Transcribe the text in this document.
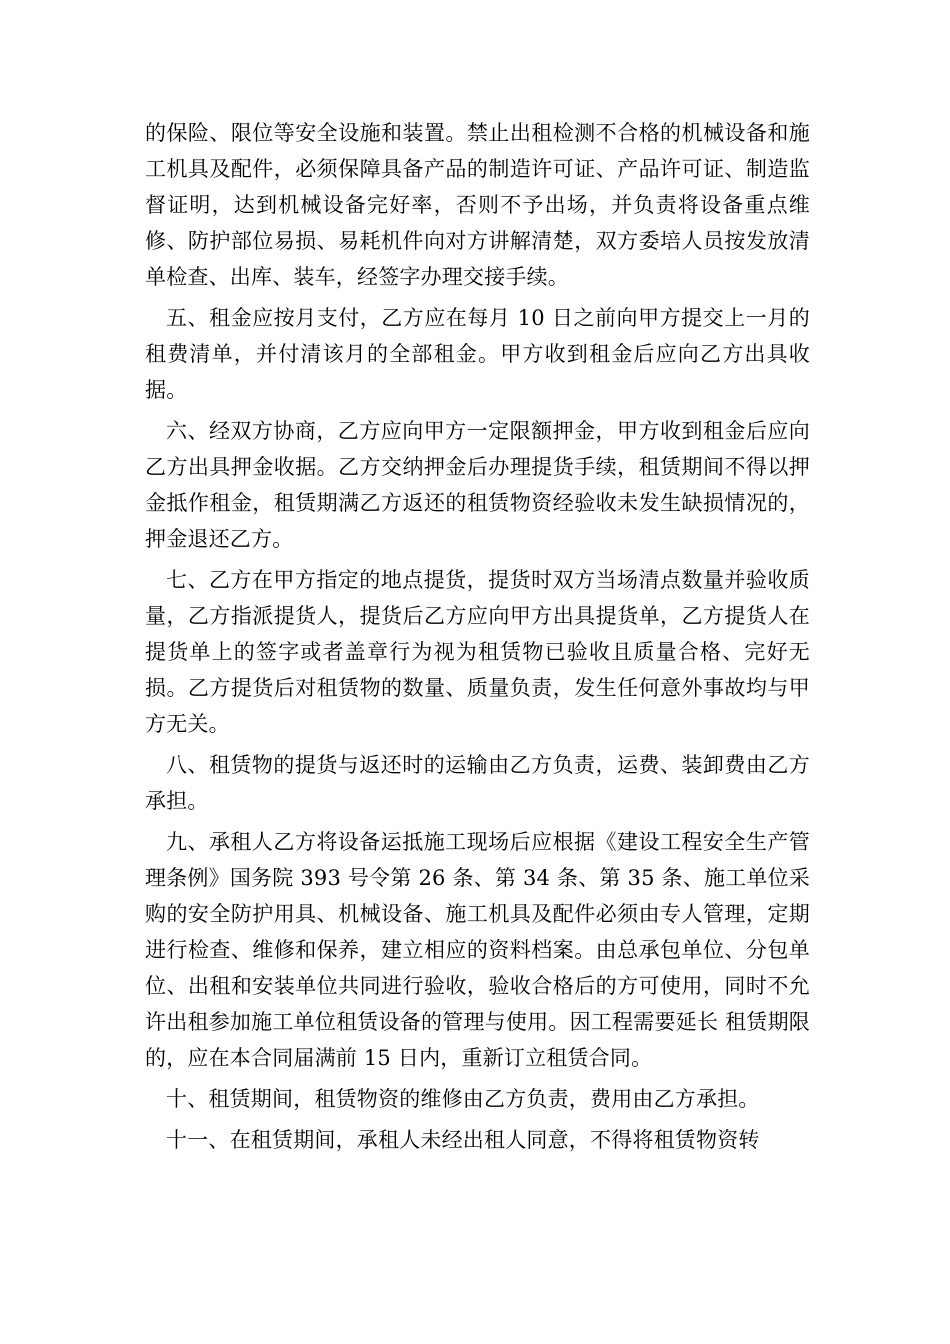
的保险、限位等安全设施和装置。禁止出租检测不合格的机械设备和施工机具及配件，必须保障具备产品的制造许可证、产品许可证、制造监督证明，达到机械设备完好率，否则不予出场，并负责将设备重点维修、防护部位易损、易耗机件向对方讲解清楚，双方委培人员按发放清单检查、出库、装车，经签字办理交接手续。

五、租金应按月支付，乙方应在每月 10 日之前向甲方提交上一月的租费清单，并付清该月的全部租金。甲方收到租金后应向乙方出具收据。

六、经双方协商，乙方应向甲方一定限额押金，甲方收到租金后应向乙方出具押金收据。乙方交纳押金后办理提货手续，租赁期间不得以押金抵作租金，租赁期满乙方返还的租赁物资经验收未发生缺损情况的，押金退还乙方。

七、乙方在甲方指定的地点提货，提货时双方当场清点数量并验收质量，乙方指派提货人，提货后乙方应向甲方出具提货单，乙方提货人在提货单上的签字或者盖章行为视为租赁物已验收且质量合格、完好无损。乙方提货后对租赁物的数量、质量负责，发生任何意外事故均与甲方无关。

八、租赁物的提货与返还时的运输由乙方负责，运费、装卸费由乙方承担。

九、承租人乙方将设备运抵施工现场后应根据《建设工程安全生产管理条例》国务院 393 号令第 26 条、第 34 条、第 35 条、施工单位采购的安全防护用具、机械设备、施工机具及配件必须由专人管理，定期进行检查、维修和保养，建立相应的资料档案。由总承包单位、分包单位、出租和安装单位共同进行验收，验收合格后的方可使用，同时不允许出租参加施工单位租赁设备的管理与使用。因工程需要延长 租赁期限的，应在本合同届满前 15 日内，重新订立租赁合同。

十、租赁期间，租赁物资的维修由乙方负责，费用由乙方承担。

十一、在租赁期间，承租人未经出租人同意，不得将租赁物资转
